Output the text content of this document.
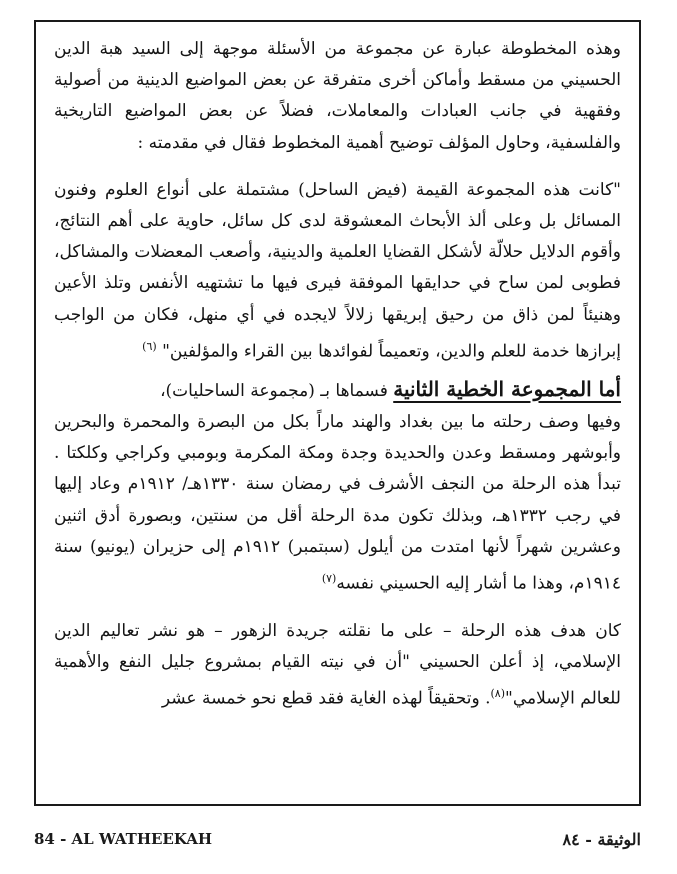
وهذه المخطوطة عبارة عن مجموعة من الأسئلة موجهة إلى السيد هبة الدين الحسيني من مسقط وأماكن أخرى متفرقة عن بعض المواضيع الدينية من أصولية وفقهية في جانب العبادات والمعاملات، فضلاً عن بعض المواضيع التاريخية والفلسفية، وحاول المؤلف توضيح أهمية المخطوط فقال في مقدمته :

"كانت هذه المجموعة القيمة (فيض الساحل) مشتملة على أنواع العلوم وفنون المسائل بل وعلى ألذ الأبحاث المعشوقة لدى كل سائل، حاوية على أهم النتائج، وأقوم الدلايل حلالّة لأشكل القضايا العلمية والدينية، وأصعب المعضلات والمشاكل، فطوبى لمن ساح في حدايقها الموفقة فيرى فيها ما تشتهيه الأنفس وتلذ الأعين وهنيئاً لمن ذاق من رحيق إبريقها زلالاً لايجده في أي منهل، فكان من الواجب إبرازها خدمة للعلم والدين، وتعميماً لفوائدها بين القراء والمؤلفين" $^{(٦)}$

أما المجموعة الخطية الثانية فسماها بـ (مجموعة الساحليات)،

وفيها وصف رحلته ما بين بغداد والهند ماراً بكل من البصرة والمحمرة والبحرين وأبوشهر ومسقط وعدن والحديدة وجدة ومكة المكرمة وبومبي وكراجي وكلكتا . تبدأ هذه الرحلة من النجف الأشرف في رمضان سنة ١٣٣٠هـ/ ١٩١٢م وعاد إليها في رجب ١٣٣٢هـ، وبذلك تكون مدة الرحلة أقل من سنتين، وبصورة أدق اثنين وعشرين شهراً لأنها امتدت من أيلول (سبتمبر) ١٩١٢م إلى حزيران (يونيو) سنة ١٩١٤م، وهذا ما أشار إليه الحسيني نفسه$^{(٧)}$

كان هدف هذه الرحلة – على ما نقلته جريدة الزهور – هو نشر تعاليم الدين الإسلامي، إذ أعلن الحسيني "أن في نيته القيام بمشروع جليل النفع والأهمية للعالم الإسلامي"$^{(٨)}$. وتحقيقاً لهذه الغاية فقد قطع نحو خمسة عشر

84 - AL WATHEEKAH	الوثيقة - ٨٤
